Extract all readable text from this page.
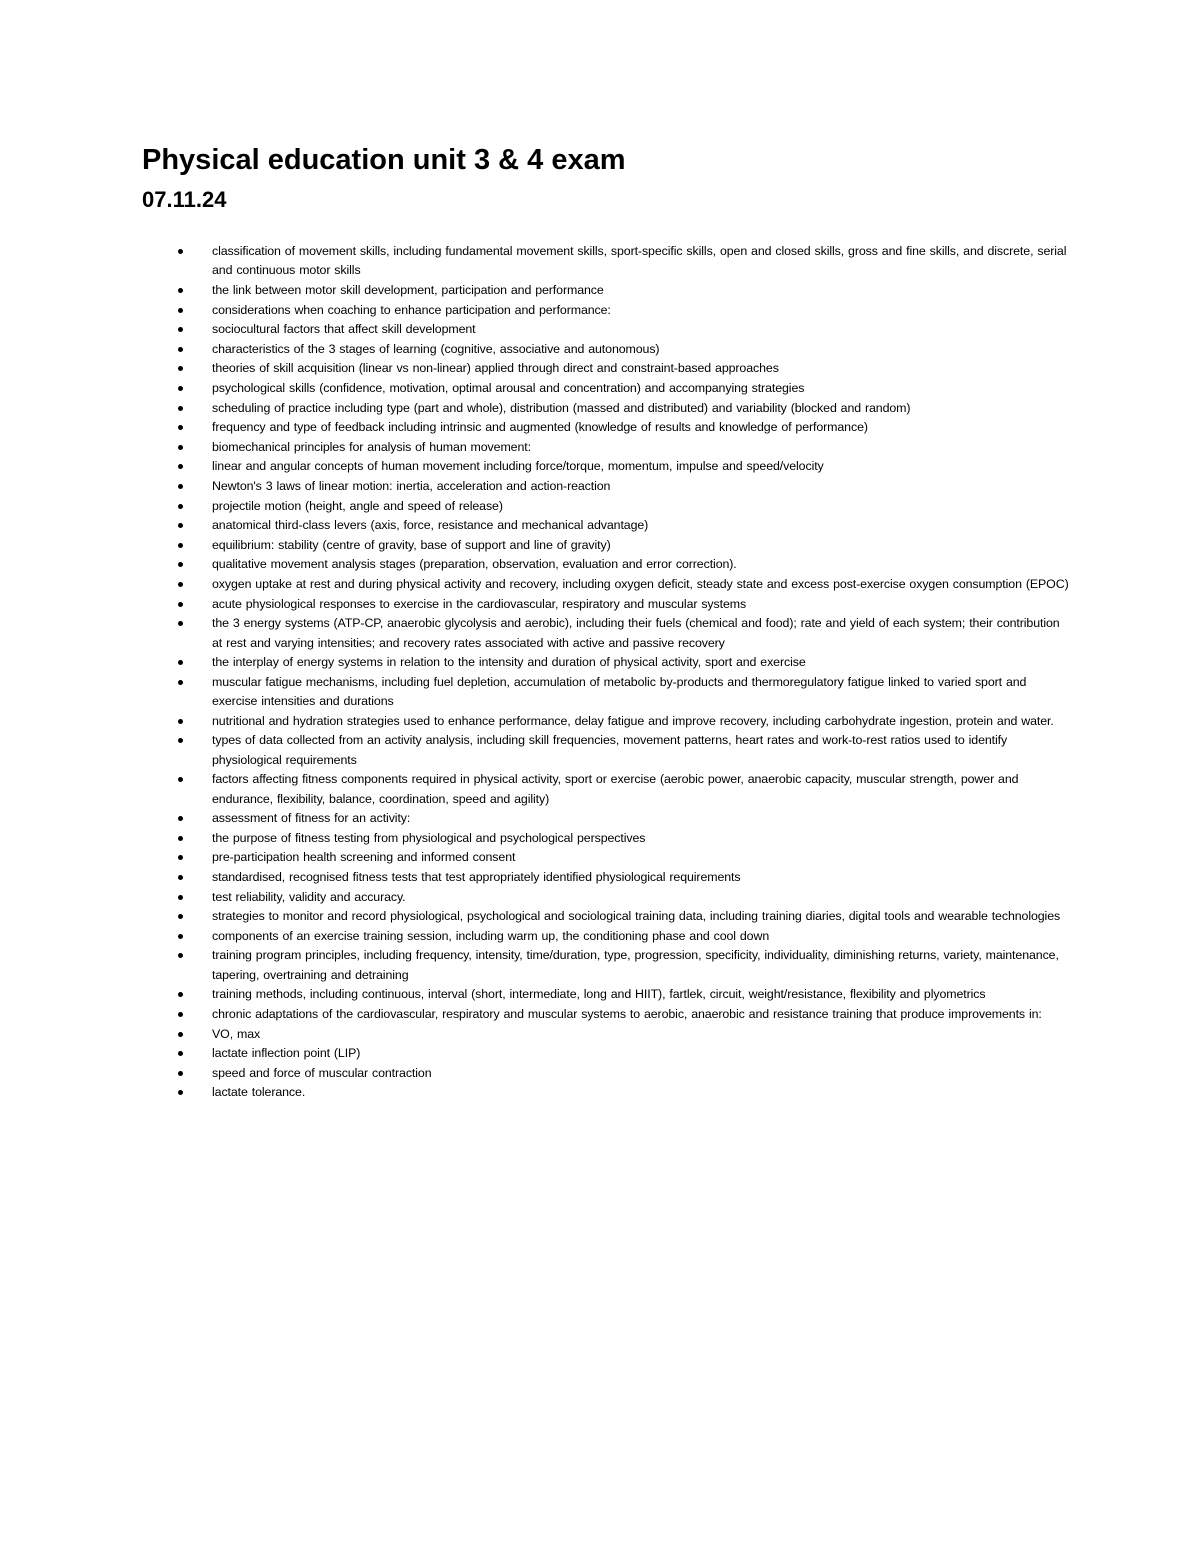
Physical education unit 3 & 4 exam
07.11.24
classification of movement skills, including fundamental movement skills, sport-specific skills, open and closed skills, gross and fine skills, and discrete, serial and continuous motor skills
the link between motor skill development, participation and performance
considerations when coaching to enhance participation and performance:
sociocultural factors that affect skill development
characteristics of the 3 stages of learning (cognitive, associative and autonomous)
theories of skill acquisition (linear vs non-linear) applied through direct and constraint-based approaches
psychological skills (confidence, motivation, optimal arousal and concentration) and accompanying strategies
scheduling of practice including type (part and whole), distribution (massed and distributed) and variability (blocked and random)
frequency and type of feedback including intrinsic and augmented (knowledge of results and knowledge of performance)
biomechanical principles for analysis of human movement:
linear and angular concepts of human movement including force/torque, momentum, impulse and speed/velocity
Newton's 3 laws of linear motion: inertia, acceleration and action-reaction
projectile motion (height, angle and speed of release)
anatomical third-class levers (axis, force, resistance and mechanical advantage)
equilibrium: stability (centre of gravity, base of support and line of gravity)
qualitative movement analysis stages (preparation, observation, evaluation and error correction).
oxygen uptake at rest and during physical activity and recovery, including oxygen deficit, steady state and excess post-exercise oxygen consumption (EPOC)
acute physiological responses to exercise in the cardiovascular, respiratory and muscular systems
the 3 energy systems (ATP-CP, anaerobic glycolysis and aerobic), including their fuels (chemical and food); rate and yield of each system; their contribution at rest and varying intensities; and recovery rates associated with active and passive recovery
the interplay of energy systems in relation to the intensity and duration of physical activity, sport and exercise
muscular fatigue mechanisms, including fuel depletion, accumulation of metabolic by-products and thermoregulatory fatigue linked to varied sport and exercise intensities and durations
nutritional and hydration strategies used to enhance performance, delay fatigue and improve recovery, including carbohydrate ingestion, protein and water.
types of data collected from an activity analysis, including skill frequencies, movement patterns, heart rates and work-to-rest ratios used to identify physiological requirements
factors affecting fitness components required in physical activity, sport or exercise (aerobic power, anaerobic capacity, muscular strength, power and endurance, flexibility, balance, coordination, speed and agility)
assessment of fitness for an activity:
the purpose of fitness testing from physiological and psychological perspectives
pre-participation health screening and informed consent
standardised, recognised fitness tests that test appropriately identified physiological requirements
test reliability, validity and accuracy.
strategies to monitor and record physiological, psychological and sociological training data, including training diaries, digital tools and wearable technologies
components of an exercise training session, including warm up, the conditioning phase and cool down
training program principles, including frequency, intensity, time/duration, type, progression, specificity, individuality, diminishing returns, variety, maintenance, tapering, overtraining and detraining
training methods, including continuous, interval (short, intermediate, long and HIIT), fartlek, circuit, weight/resistance, flexibility and plyometrics
chronic adaptations of the cardiovascular, respiratory and muscular systems to aerobic, anaerobic and resistance training that produce improvements in:
VO, max
lactate inflection point (LIP)
speed and force of muscular contraction
lactate tolerance.
